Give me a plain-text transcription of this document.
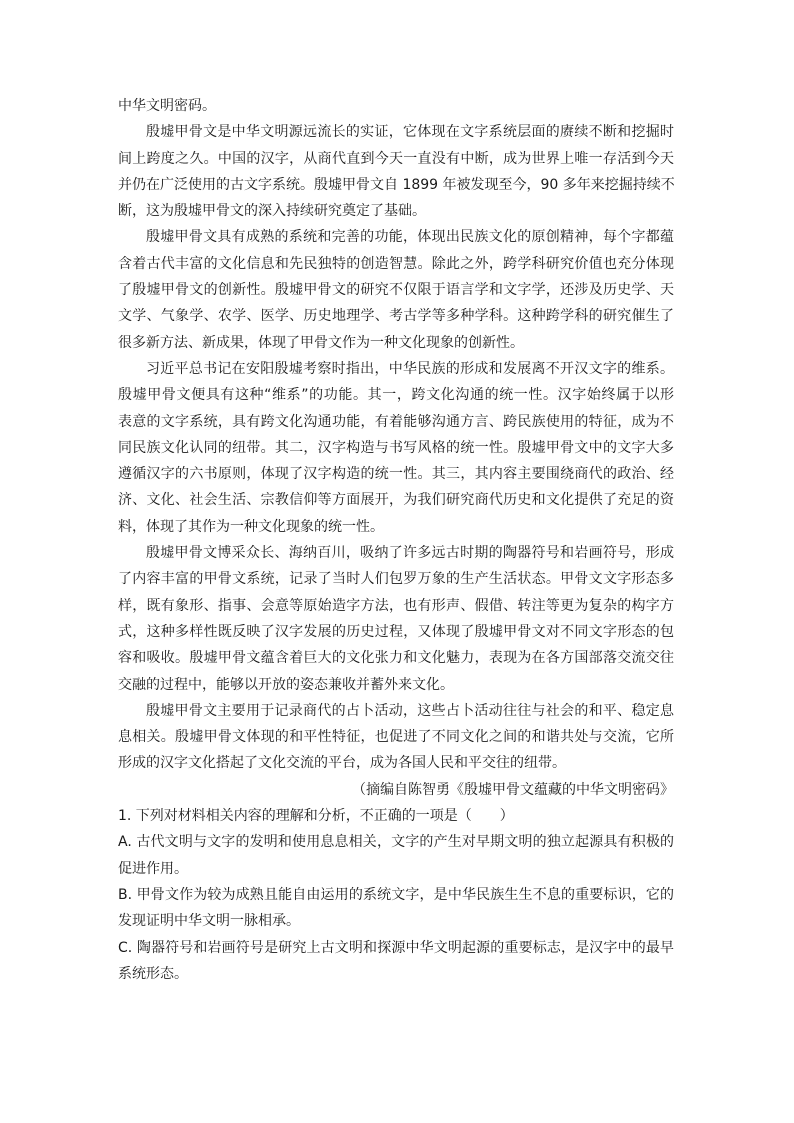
中华文明密码。
殷墟甲骨文是中华文明源远流长的实证，它体现在文字系统层面的赓续不断和挖掘时
间上跨度之久。中国的汉字，从商代直到今天一直没有中断，成为世界上唯一存活到今天
并仍在广泛使用的古文字系统。殷墟甲骨文自 1899 年被发现至今，90 多年来挖掘持续不
断，这为殷墟甲骨文的深入持续研究奠定了基础。
殷墟甲骨文具有成熟的系统和完善的功能，体现出民族文化的原创精神，每个字都蕴
含着古代丰富的文化信息和先民独特的创造智慧。除此之外，跨学科研究价值也充分体现
了殷墟甲骨文的创新性。殷墟甲骨文的研究不仅限于语言学和文字学，还涉及历史学、天
文学、气象学、农学、医学、历史地理学、考古学等多种学科。这种跨学科的研究催生了
很多新方法、新成果，体现了甲骨文作为一种文化现象的创新性。
习近平总书记在安阳殷墟考察时指出，中华民族的形成和发展离不开汉文字的维系。
殷墟甲骨文便具有这种“维系”的功能。其一，跨文化沟通的统一性。汉字始终属于以形
表意的文字系统，具有跨文化沟通功能，有着能够沟通方言、跨民族使用的特征，成为不
同民族文化认同的纽带。其二，汉字构造与书写风格的统一性。殷墟甲骨文中的文字大多
遵循汉字的六书原则，体现了汉字构造的统一性。其三，其内容主要围绕商代的政治、经
济、文化、社会生活、宗教信仰等方面展开，为我们研究商代历史和文化提供了充足的资
料，体现了其作为一种文化现象的统一性。
殷墟甲骨文博采众长、海纳百川，吸纳了许多远古时期的陶器符号和岩画符号，形成
了内容丰富的甲骨文系统，记录了当时人们包罗万象的生产生活状态。甲骨文文字形态多
样，既有象形、指事、会意等原始造字方法，也有形声、假借、转注等更为复杂的构字方
式，这种多样性既反映了汉字发展的历史过程，又体现了殷墟甲骨文对不同文字形态的包
容和吸收。殷墟甲骨文蕴含着巨大的文化张力和文化魅力，表现为在各方国部落交流交往
交融的过程中，能够以开放的姿态兼收并蓄外来文化。
殷墟甲骨文主要用于记录商代的占卜活动，这些占卜活动往往与社会的和平、稳定息
息相关。殷墟甲骨文体现的和平性特征，也促进了不同文化之间的和谐共处与交流，它所
形成的汉字文化搭起了文化交流的平台，成为各国人民和平交往的纽带。
（摘编自陈智勇《殷墟甲骨文蕴藏的中华文明密码》
1. 下列对材料相关内容的理解和分析，不正确的一项是（　　）
A. 古代文明与文字的发明和使用息息相关，文字的产生对早期文明的独立起源具有积极的
促进作用。
B. 甲骨文作为较为成熟且能自由运用的系统文字，是中华民族生生不息的重要标识，它的
发现证明中华文明一脉相承。
C. 陶器符号和岩画符号是研究上古文明和探源中华文明起源的重要标志，是汉字中的最早
系统形态。
